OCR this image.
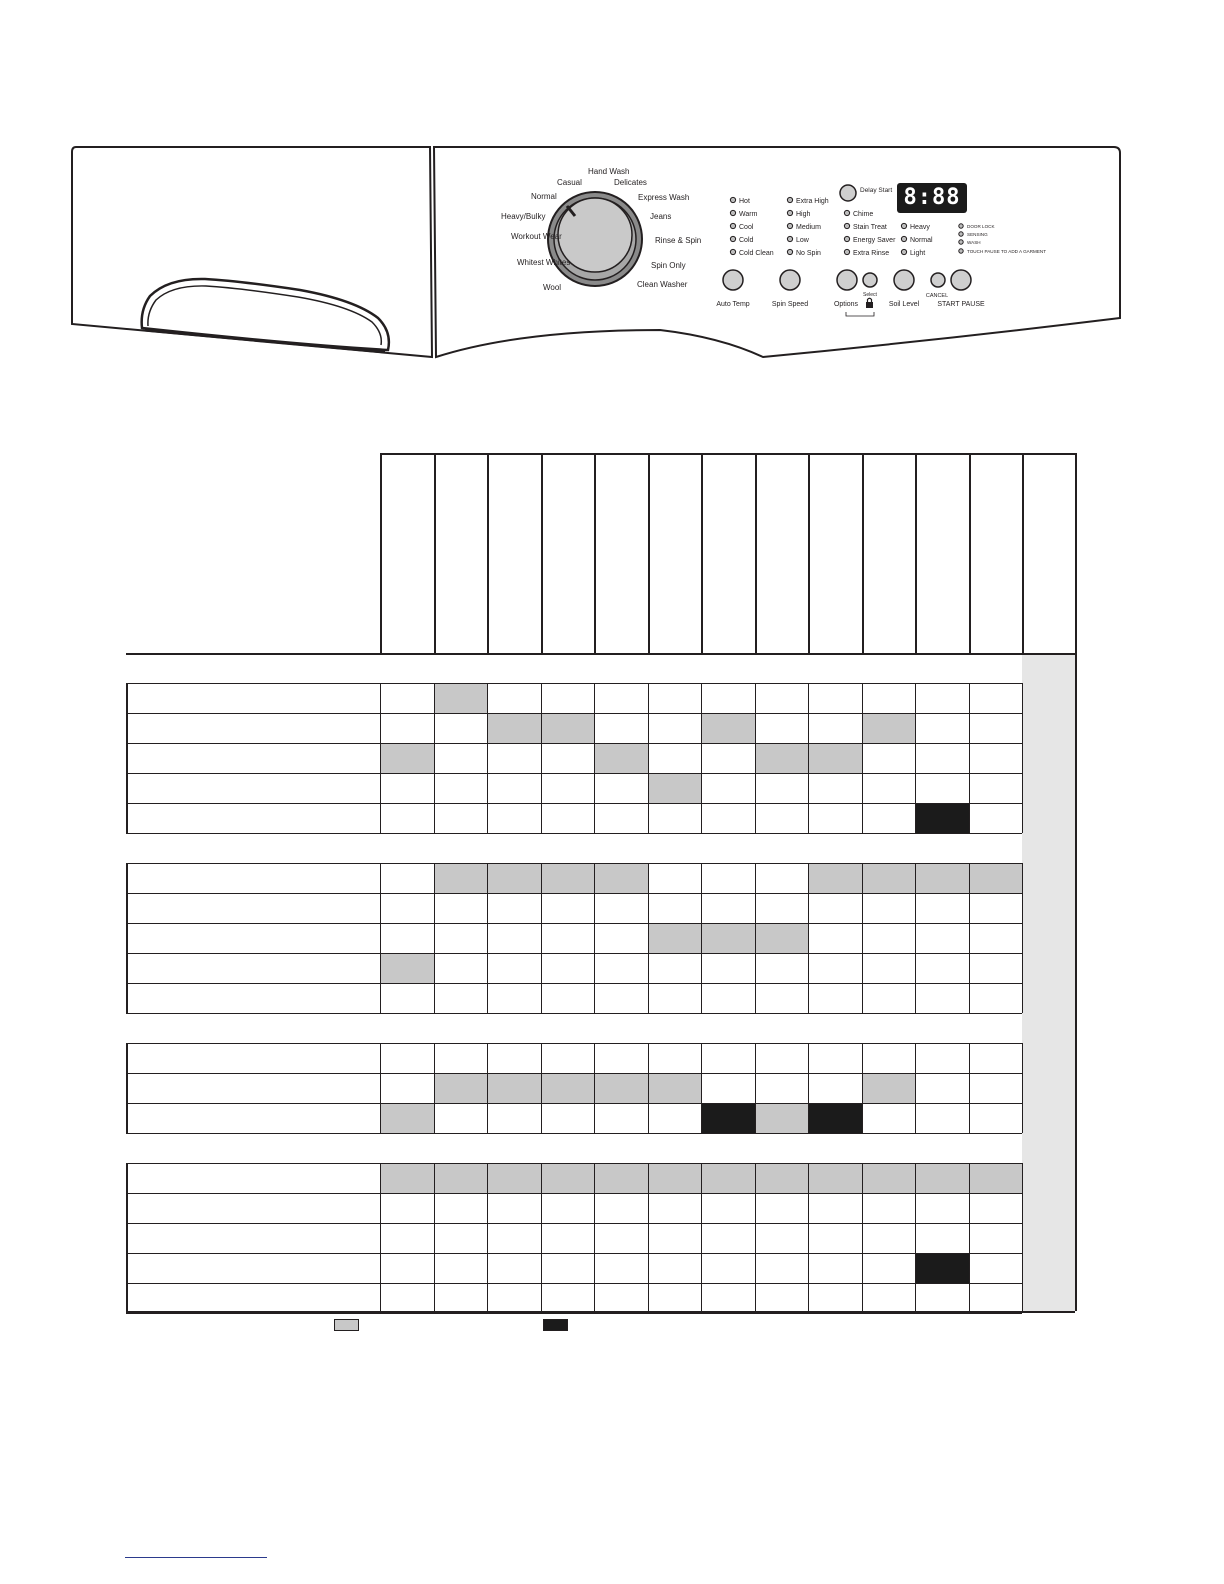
Hand Wash
Delicates
Express Wash
Jeans
Rinse & Spin
Spin Only
Clean Washer
Wool
Whitest Whites
Workout Wear
Heavy/Bulky
Normal
Casual
Hot
Warm
Cool
Cold
Cold Clean
Extra High
High
Medium
Low
No Spin
Chime
Stain Treat
Energy Saver
Extra Rinse
Heavy
Normal
Light
DOOR LOCK
SENSING
WASH
TOUCH PAUSE TO ADD A GARMENT
Delay Start
Auto Temp	Spin Speed	Options
Select
Soil Level
CANCEL
START PAUSE
8:88
